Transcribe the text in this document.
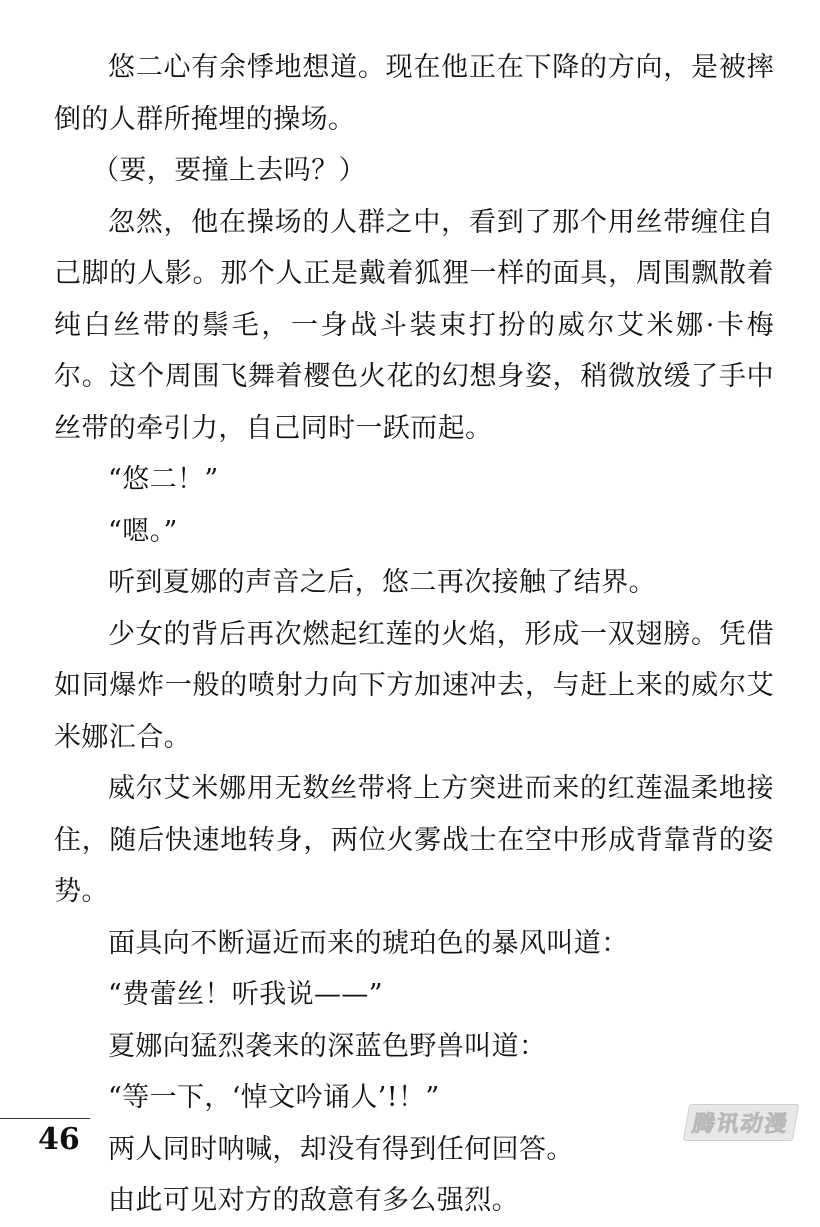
悠二心有余悸地想道。现在他正在下降的方向，是被摔倒的人群所掩埋的操场。

（要，要撞上去吗？）

忽然，他在操场的人群之中，看到了那个用丝带缠住自己脚的人影。那个人正是戴着狐狸一样的面具，周围飘散着纯白丝带的鬃毛，一身战斗装束打扮的威尔艾米娜·卡梅尔。这个周围飞舞着樱色火花的幻想身姿，稍微放缓了手中丝带的牵引力，自己同时一跃而起。

“悠二！”

“嗯。”

听到夏娜的声音之后，悠二再次接触了结界。

少女的背后再次燃起红莲的火焰，形成一双翅膀。凭借如同爆炸一般的喷射力向下方加速冲去，与赶上来的威尔艾米娜汇合。

威尔艾米娜用无数丝带将上方突进而来的红莲温柔地接住，随后快速地转身，两位火雾战士在空中形成背靠背的姿势。

面具向不断逼近而来的琥珀色的暴风叫道：

“费蕾丝！听我说——”

夏娜向猛烈袭来的深蓝色野兽叫道：

“等一下，‘悼文吟诵人’!！”

两人同时呐喊，却没有得到任何回答。

由此可见对方的敌意有多么强烈。

46	腾讯动漫
